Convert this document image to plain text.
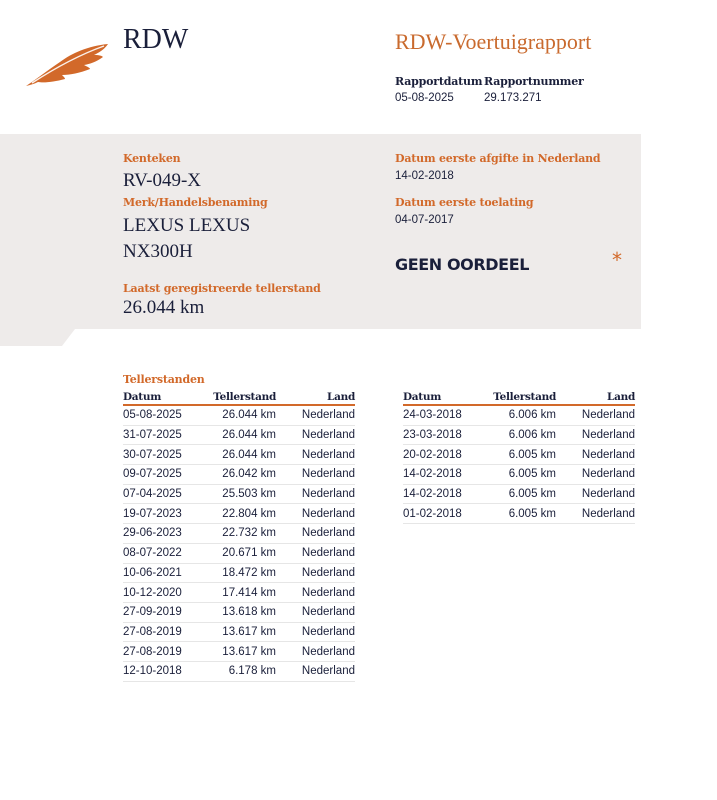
RDW	RDW-Voertuigrapport
Rapportdatum
05-08-2025
Rapportnummer
29.173.271
Kenteken
RV-049-X
Merk/Handelsbenaming
LEXUS LEXUS
NX300H
Laatst geregistreerde tellerstand
26.044 km
Datum eerste afgifte in Nederland
14-02-2018
Datum eerste toelating
04-07-2017
GEEN OORDEEL	*
Tellerstanden
Datum	Tellerstand	Land
05-08-2025	26.044 km	Nederland
31-07-2025	26.044 km	Nederland
30-07-2025	26.044 km	Nederland
09-07-2025	26.042 km	Nederland
07-04-2025	25.503 km	Nederland
19-07-2023	22.804 km	Nederland
29-06-2023	22.732 km	Nederland
08-07-2022	20.671 km	Nederland
10-06-2021	18.472 km	Nederland
10-12-2020	17.414 km	Nederland
27-09-2019	13.618 km	Nederland
27-08-2019	13.617 km	Nederland
27-08-2019	13.617 km	Nederland
12-10-2018	6.178 km	Nederland
Datum	Tellerstand	Land
24-03-2018	6.006 km	Nederland
23-03-2018	6.006 km	Nederland
20-02-2018	6.005 km	Nederland
14-02-2018	6.005 km	Nederland
14-02-2018	6.005 km	Nederland
01-02-2018	6.005 km	Nederland
